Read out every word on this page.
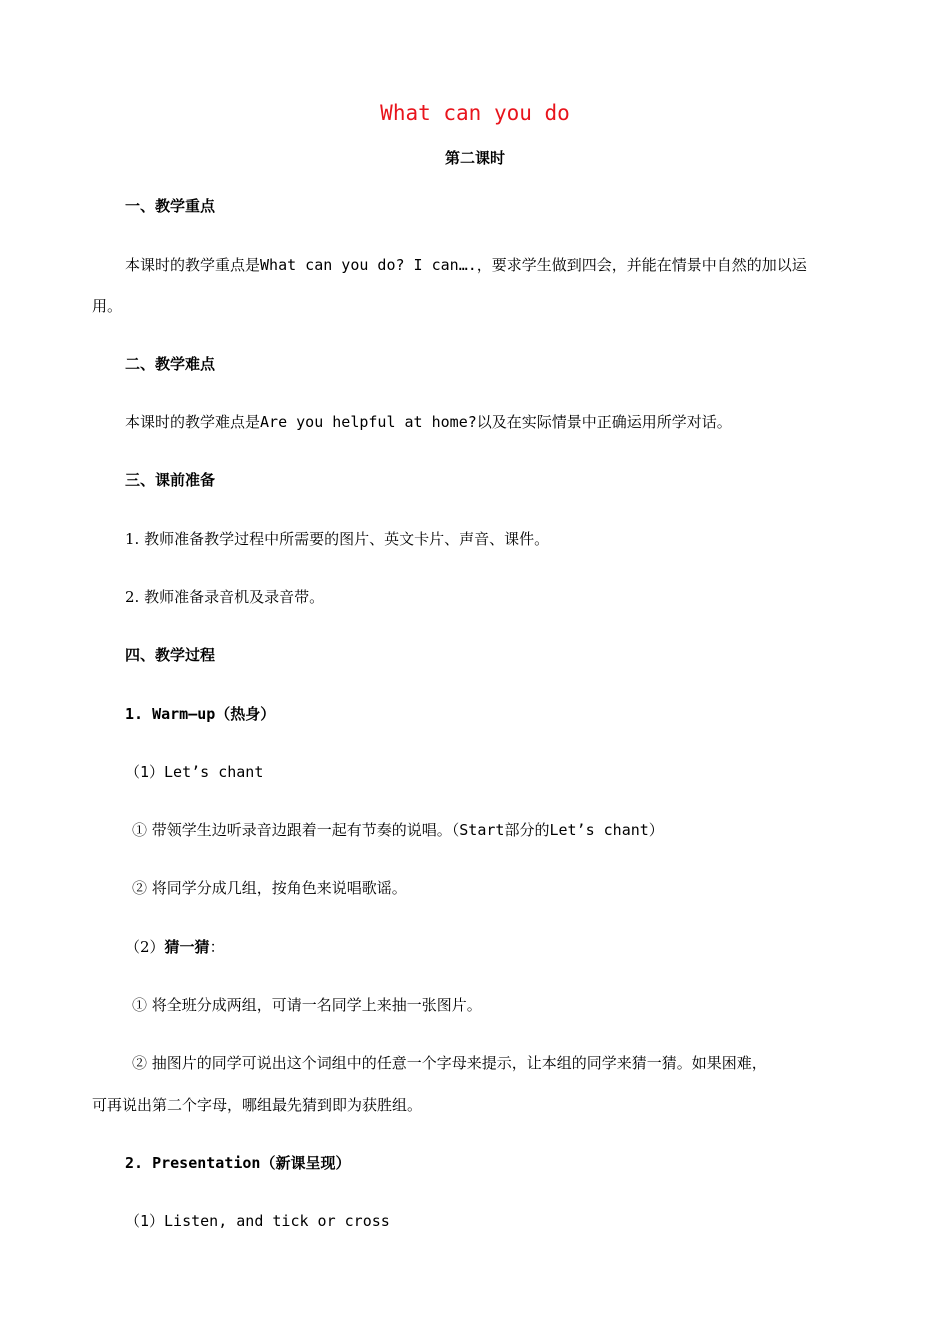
What can you do
第二课时
一、教学重点
本课时的教学重点是What can you do? I can….，要求学生做到四会，并能在情景中自然的加以运
用。
二、教学难点
本课时的教学难点是Are you helpful at home?以及在实际情景中正确运用所学对话。
三、课前准备
1. 教师准备教学过程中所需要的图片、英文卡片、声音、课件。
2. 教师准备录音机及录音带。
四、教学过程
1. Warm—up（热身）
（1）Let’s chant
① 带领学生边听录音边跟着一起有节奏的说唱。（Start部分的Let’s chant）
② 将同学分成几组，按角色来说唱歌谣。
（2）猜一猜：
① 将全班分成两组，可请一名同学上来抽一张图片。
② 抽图片的同学可说出这个词组中的任意一个字母来提示，让本组的同学来猜一猜。如果困难，
可再说出第二个字母，哪组最先猜到即为获胜组。
2. Presentation（新课呈现）
（1）Listen, and tick or cross
